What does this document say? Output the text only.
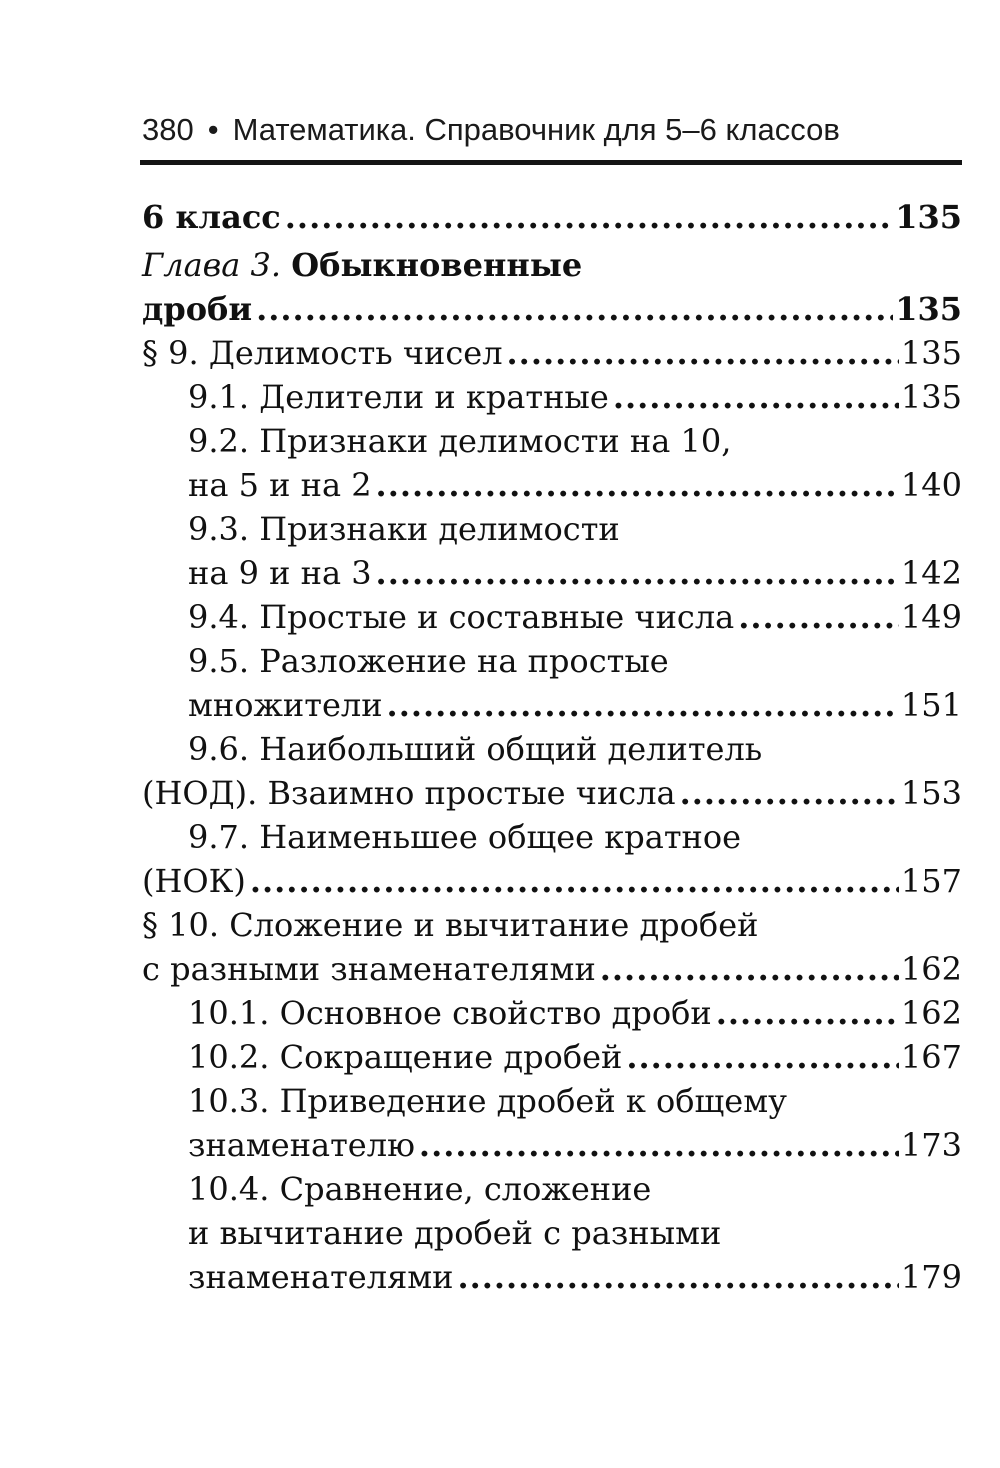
380 • Математика. Справочник для 5–6 классов
6 класс .....	135
Глава 3.
Обыкновенные
дроби .....	135
§ 9. Делимость чисел .....	135
9.1. Делители и кратные .....	135
9.2. Признаки делимости на 10,
на 5 и на 2 .....	140
9.3. Признаки делимости
на 9 и на 3 .....	142
9.4. Простые и составные числа .....	149
9.5. Разложение на простые
множители .....	151
9.6. Наибольший общий делитель
(НОД). Взаимно простые числа .....	153
9.7. Наименьшее общее кратное
(НОК) .....	157
§ 10. Сложение и вычитание дробей
с разными знаменателями .....	162
10.1. Основное свойство дроби .....	162
10.2. Сокращение дробей .....	167
10.3. Приведение дробей к общему
знаменателю .....	173
10.4. Сравнение, сложение
и вычитание дробей с разными
знаменателями .....	179
